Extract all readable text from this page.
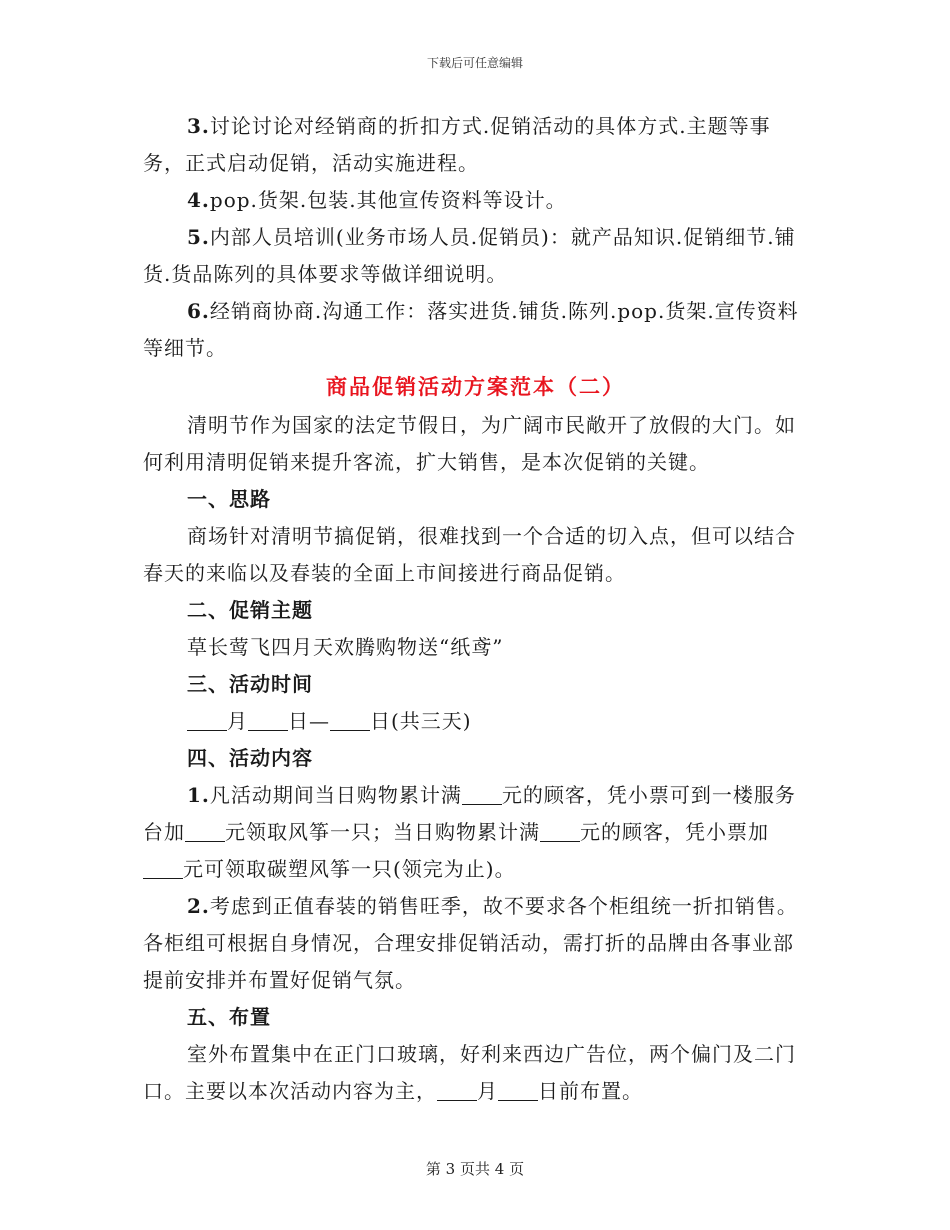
下载后可任意编辑

3.讨论讨论对经销商的折扣方式.促销活动的具体方式.主题等事务，正式启动促销，活动实施进程。

4.pop.货架.包装.其他宣传资料等设计。

5.内部人员培训(业务市场人员.促销员)：就产品知识.促销细节.铺货.货品陈列的具体要求等做详细说明。

6.经销商协商.沟通工作：落实进货.铺货.陈列.pop.货架.宣传资料等细节。

商品促销活动方案范本（二）

清明节作为国家的法定节假日，为广阔市民敞开了放假的大门。如何利用清明促销来提升客流，扩大销售，是本次促销的关键。

一、思路

商场针对清明节搞促销，很难找到一个合适的切入点，但可以结合春天的来临以及春装的全面上市间接进行商品促销。

二、促销主题

草长莺飞四月天欢腾购物送“纸鸢”

三、活动时间

月 日— 日(共三天)

四、活动内容

1.凡活动期间当日购物累计满 元的顾客，凭小票可到一楼服务台加 元领取风筝一只；当日购物累计满 元的顾客，凭小票加元可领取碳塑风筝一只(领完为止)。

2.考虑到正值春装的销售旺季，故不要求各个柜组统一折扣销售。各柜组可根据自身情况，合理安排促销活动，需打折的品牌由各事业部提前安排并布置好促销气氛。

五、布置

室外布置集中在正门口玻璃，好利来西边广告位，两个偏门及二门口。主要以本次活动内容为主， 月 日前布置。

第 3 页共 4 页
